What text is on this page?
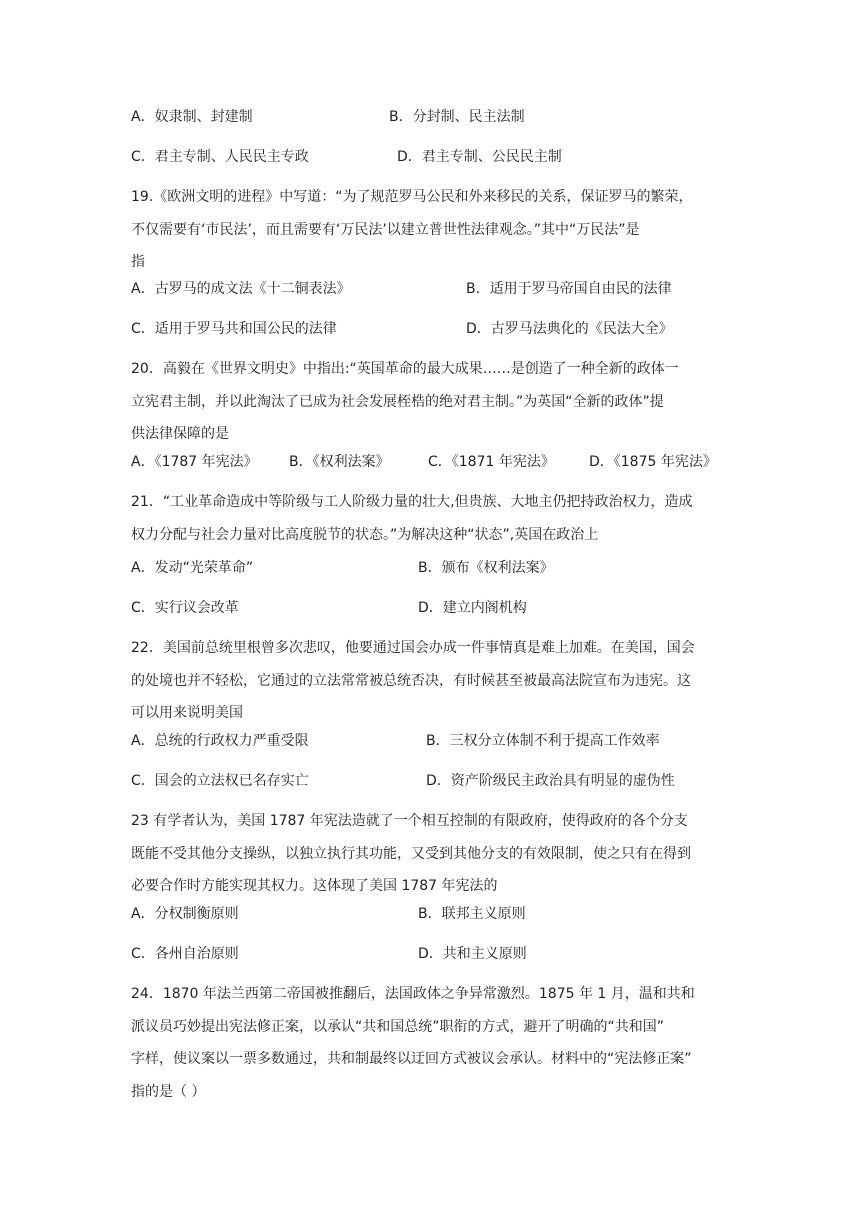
A．奴隶制、封建制	B．分封制、民主法制
C．君主专制、人民民主专政	D．君主专制、公民民主制

19.《欧洲文明的进程》中写道：“为了规范罗马公民和外来移民的关系，保证罗马的繁荣，

不仅需要有‘市民法’，而且需要有‘万民法’以建立普世性法律观念。”其中“万民法”是

指

A．古罗马的成文法《十二铜表法》	B．适用于罗马帝国自由民的法律
C．适用于罗马共和国公民的法律	D．古罗马法典化的《民法大全》

20．高毅在《世界文明史》中指出:“英国革命的最大成果……是创造了一种全新的政体一

立宪君主制，并以此淘汰了已成为社会发展桎梏的绝对君主制。”为英国“全新的政体”提

供法律保障的是

A．《1787 年宪法》 B．《权利法案》	C．《1871 年宪法》 D．《1875 年宪法》

21．“工业革命造成中等阶级与工人阶级力量的壮大,但贵族、大地主仍把持政治权力，造成

权力分配与社会力量对比高度脱节的状态。”为解决这种“状态”,英国在政治上

A．发动“光荣革命”	B．颁布《权利法案》
C．实行议会改革	D．建立内阁机构

22．美国前总统里根曾多次悲叹，他要通过国会办成一件事情真是难上加难。在美国，国会

的处境也并不轻松，它通过的立法常常被总统否决，有时候甚至被最高法院宣布为违宪。这

可以用来说明美国

A．总统的行政权力严重受限	B．三权分立体制不利于提高工作效率
C．国会的立法权已名存实亡	D．资产阶级民主政治具有明显的虚伪性

23 有学者认为，美国 1787 年宪法造就了一个相互控制的有限政府，使得政府的各个分支

既能不受其他分支操纵，以独立执行其功能，又受到其他分支的有效限制，使之只有在得到

必要合作时方能实现其权力。这体现了美国 1787 年宪法的

A．分权制衡原则	B．联邦主义原则
C．各州自治原则	D．共和主义原则

24．1870 年法兰西第二帝国被推翻后，法国政体之争异常激烈。1875 年 1 月，温和共和

派议员巧妙提出宪法修正案，以承认“共和国总统”职衔的方式，避开了明确的“共和国”

字样，使议案以一票多数通过，共和制最终以迂回方式被议会承认。材料中的“宪法修正案”

指的是（ ）
